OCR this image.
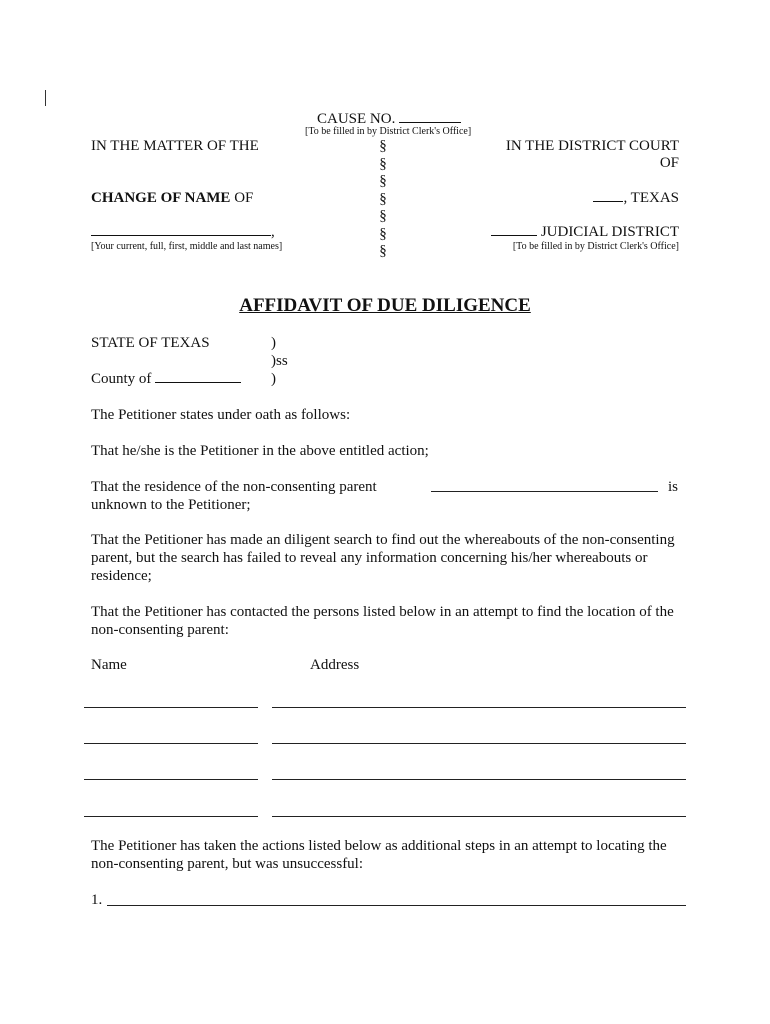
CAUSE NO.
[To be filled in by District Clerk's Office]
IN THE MATTER OF THE
CHANGE OF NAME OF
,
[Your current, full, first, middle and last names]
§
§
§
§
§
§
§
IN THE DISTRICT COURT
OF
, TEXAS
JUDICIAL DISTRICT
[To be filled in by District Clerk's Office]
AFFIDAVIT OF DUE DILIGENCE
STATE OF TEXAS
County of
)
)ss
)
The Petitioner states under oath as follows:
That he/she is the Petitioner in the above entitled action;
That the residence of the non-consenting parent	is
unknown to the Petitioner;
That the Petitioner has made an diligent search to find out the whereabouts of the non-consenting
parent, but the search has failed to reveal any information concerning his/her whereabouts or
residence;
That the Petitioner has contacted the persons listed below in an attempt to find the location of the
non-consenting parent:
Name	Address
The Petitioner has taken the actions listed below as additional steps in an attempt to locating the
non-consenting parent, but was unsuccessful:
1.
